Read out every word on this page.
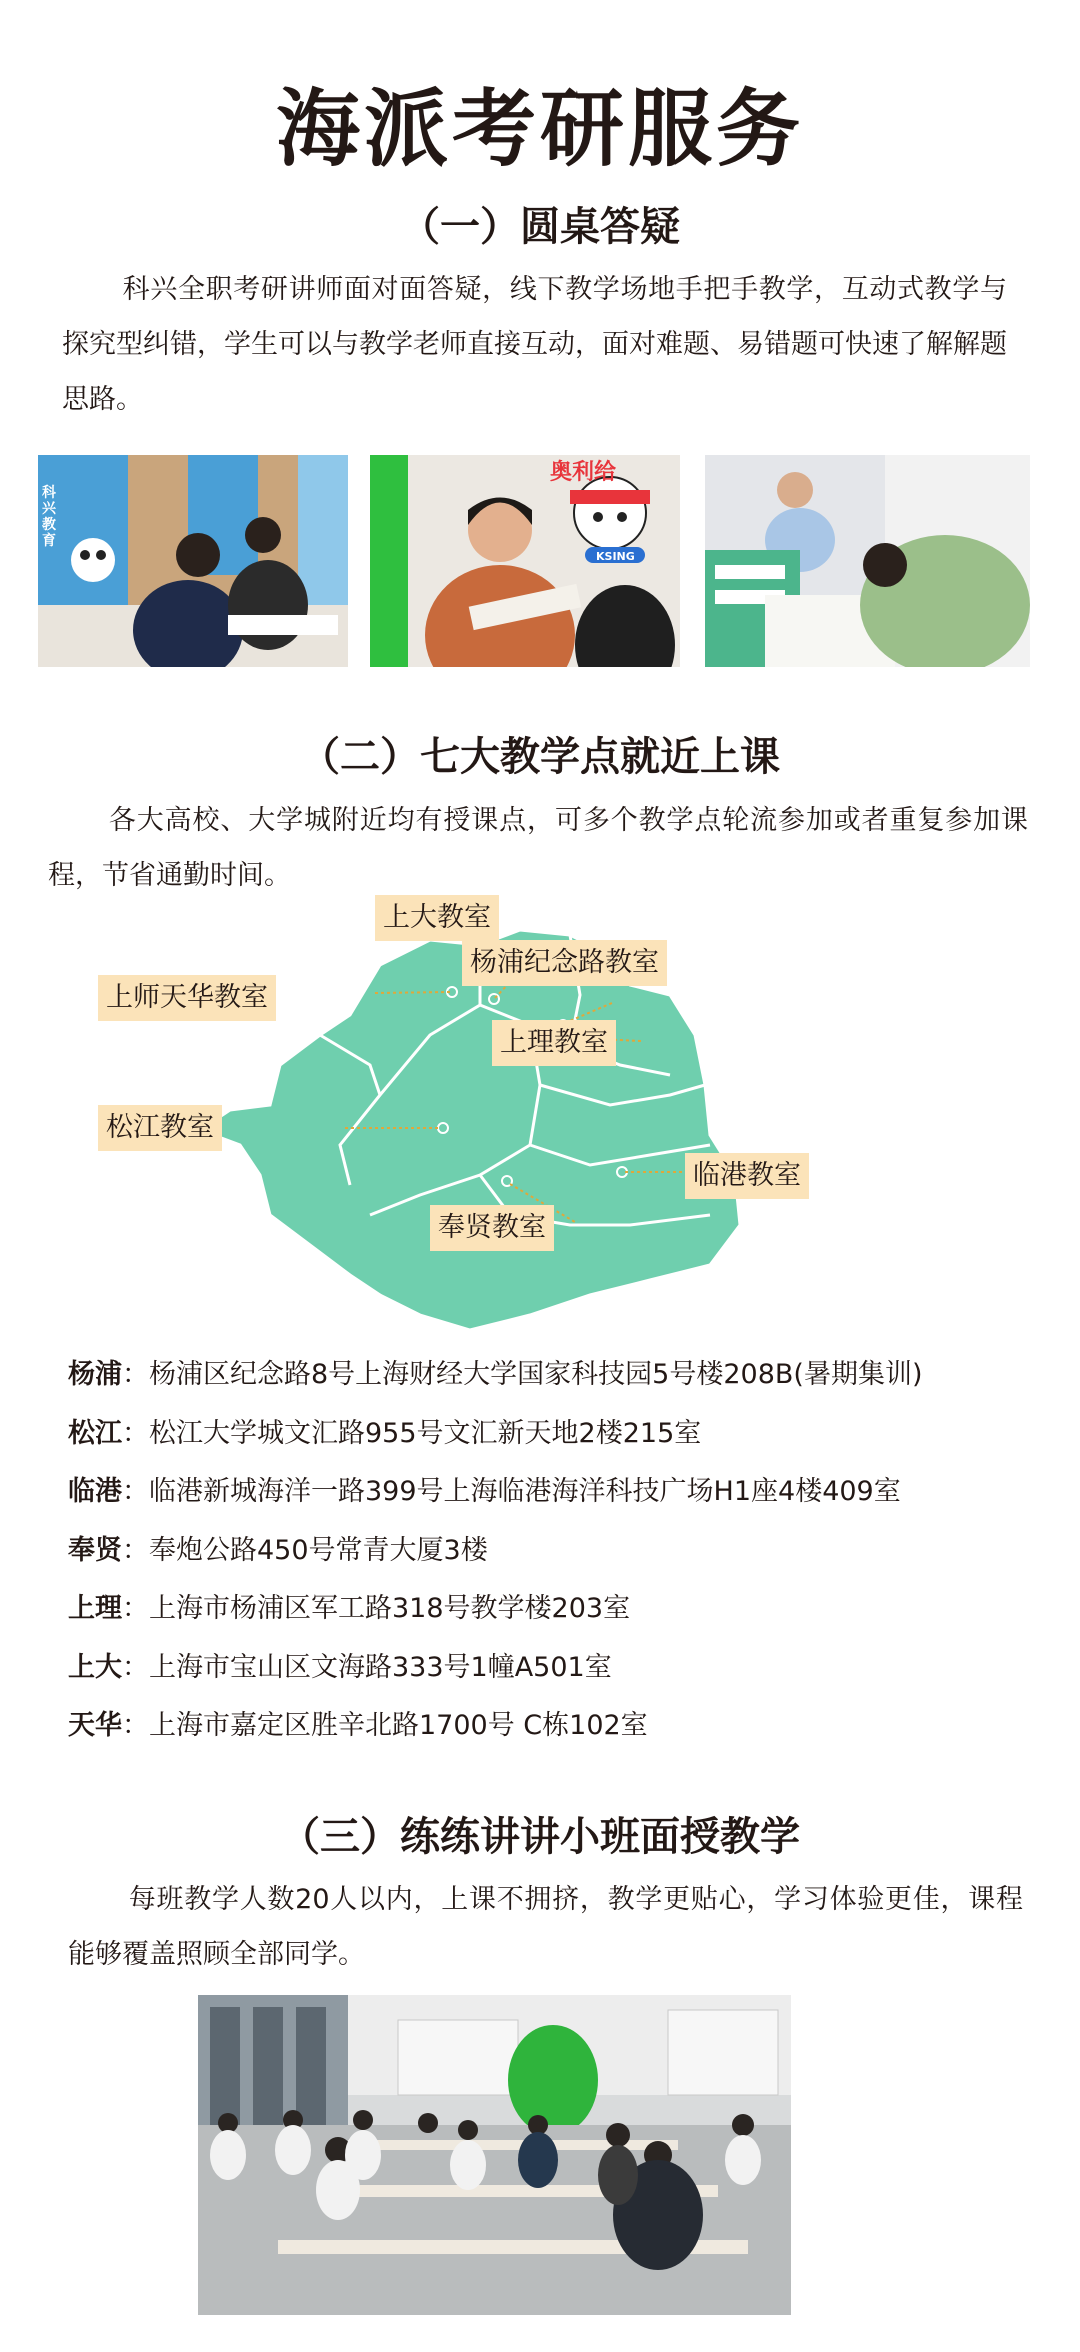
海派考研服务
（一）圆桌答疑

科兴全职考研讲师面对面答疑，线下教学场地手把手教学，互动式教学与探究型纠错，学生可以与教学老师直接互动，面对难题、易错题可快速了解解题思路。

科兴教育
奥利给
KSING
（二）七大教学点就近上课

各大高校、大学城附近均有授课点，可多个教学点轮流参加或者重复参加课程，节省通勤时间。

上师天华教室
上大教室
杨浦纪念路教室
上理教室
松江教室
临港教室
奉贤教室
杨浦：杨浦区纪念路8号上海财经大学国家科技园5号楼208B(暑期集训)
松江：松江大学城文汇路955号文汇新天地2楼215室
临港：临港新城海洋一路399号上海临港海洋科技广场H1座4楼409室
奉贤：奉炮公路450号常青大厦3楼
上理：上海市杨浦区军工路318号教学楼203室
上大：上海市宝山区文海路333号1幢A501室
天华：上海市嘉定区胜辛北路1700号 C栋102室
（三）练练讲讲小班面授教学

每班教学人数20人以内，上课不拥挤，教学更贴心，学习体验更佳，课程能够覆盖照顾全部同学。
